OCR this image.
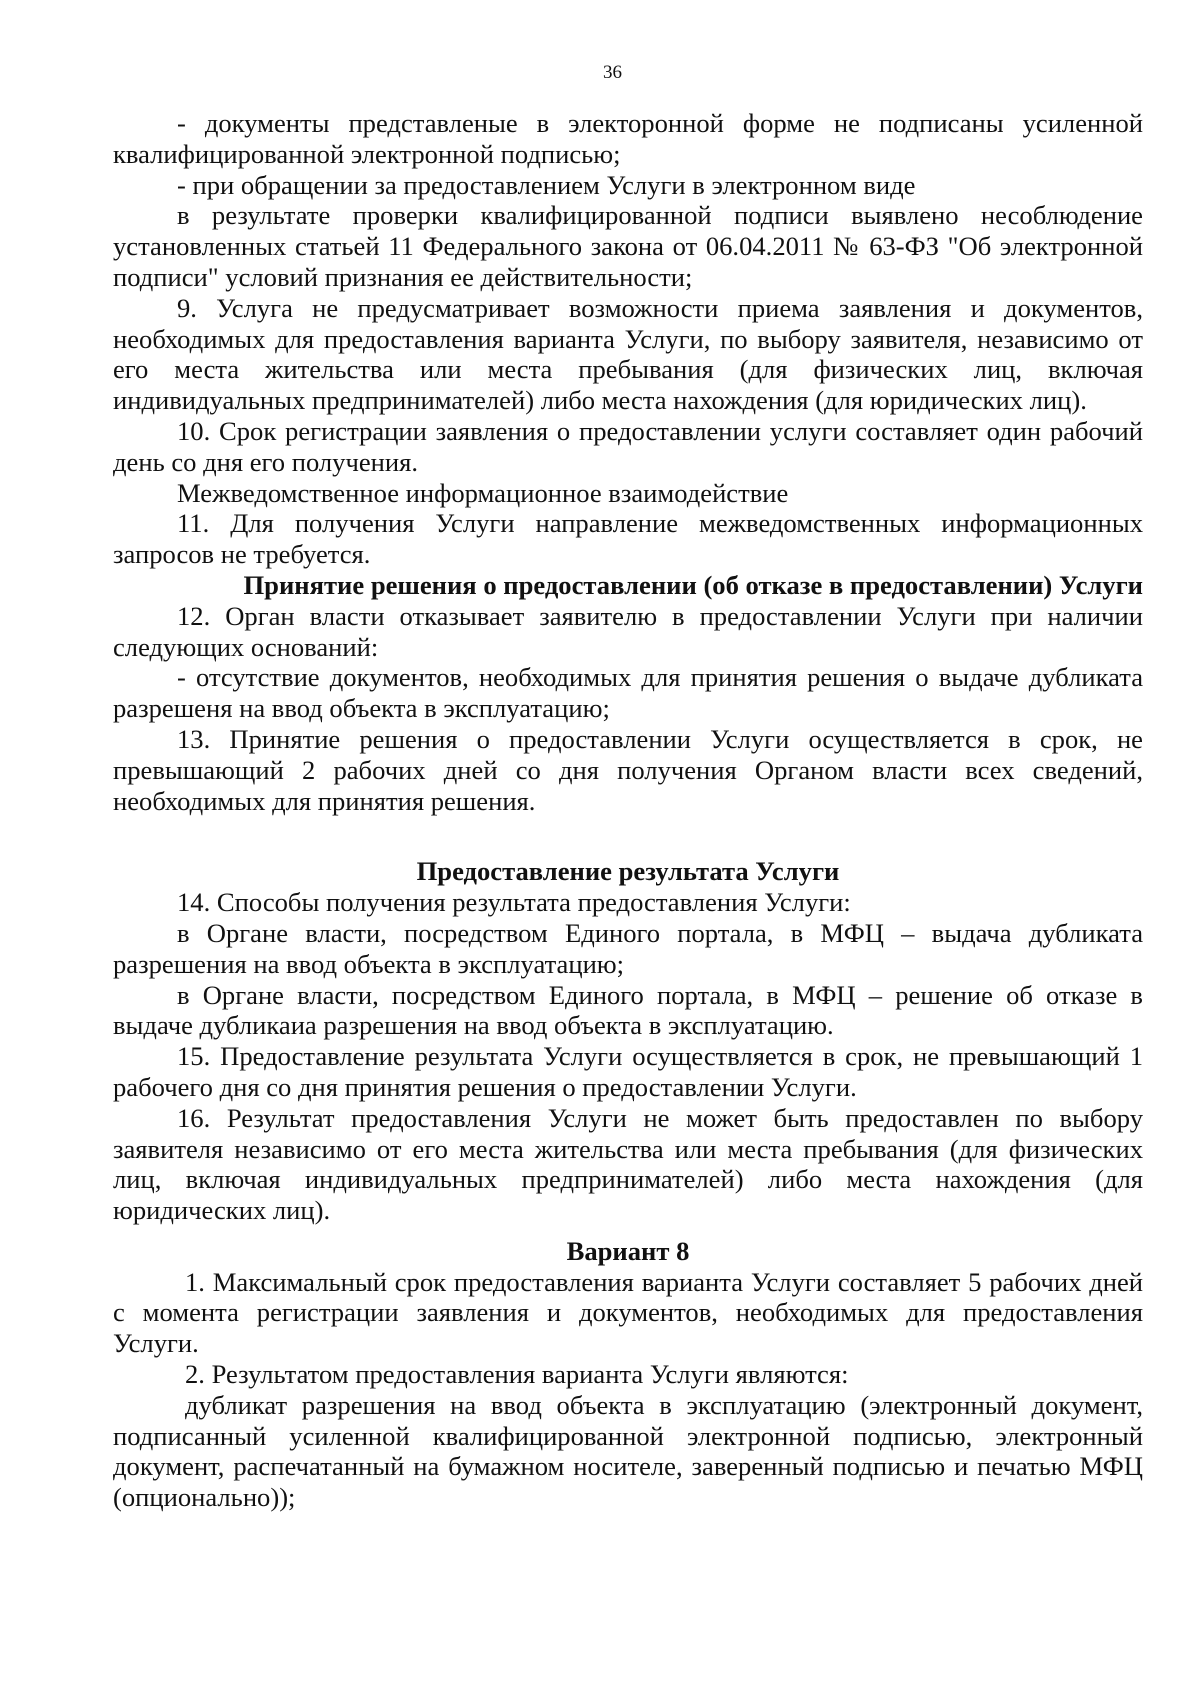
36

- документы представленые в электоронной форме не подписаны усиленной квалифицированной электронной подписью;

- при обращении за предоставлением Услуги в электронном виде

в результате проверки квалифицированной подписи выявлено несоблюдение установленных статьей 11 Федерального закона от 06.04.2011 № 63-ФЗ "Об электронной подписи" условий признания ее действительности;

9. Услуга не предусматривает возможности приема заявления и документов, необходимых для предоставления варианта Услуги, по выбору заявителя, независимо от его места жительства или места пребывания (для физических лиц, включая индивидуальных предпринимателей) либо места нахождения (для юридических лиц).

10. Срок регистрации заявления о предоставлении услуги составляет один рабочий день со дня его получения.

Межведомственное информационное взаимодействие

11. Для получения Услуги направление межведомственных информационных запросов не требуется.

Принятие решения о предоставлении (об отказе в предоставлении) Услуги

12. Орган власти отказывает заявителю в предоставлении Услуги при наличии следующих оснований:

- отсутствие документов, необходимых для принятия решения о выдаче дубликата разрешеня на ввод объекта в эксплуатацию;

13. Принятие решения о предоставлении Услуги осуществляется в срок, не превышающий 2 рабочих дней со дня получения Органом власти всех сведений, необходимых для принятия решения.

Предоставление результата Услуги

14. Способы получения результата предоставления Услуги:

в Органе власти, посредством Единого портала, в МФЦ – выдача дубликата разрешения на ввод объекта в эксплуатацию;

в Органе власти, посредством Единого портала, в МФЦ – решение об отказе в выдаче дубликаиа разрешения на ввод объекта в эксплуатацию.

15. Предоставление результата Услуги осуществляется в срок, не превышающий 1 рабочего дня со дня принятия решения о предоставлении Услуги.

16. Результат предоставления Услуги не может быть предоставлен по выбору заявителя независимо от его места жительства или места пребывания (для физических лиц, включая индивидуальных предпринимателей) либо места нахождения (для юридических лиц).

Вариант 8

1. Максимальный срок предоставления варианта Услуги составляет 5 рабочих дней с момента регистрации заявления и документов, необходимых для предоставления Услуги.

2. Результатом предоставления варианта Услуги являются:

дубликат разрешения на ввод объекта в эксплуатацию (электронный документ, подписанный усиленной квалифицированной электронной подписью, электронный документ, распечатанный на бумажном носителе, заверенный подписью и печатью МФЦ (опционально));
